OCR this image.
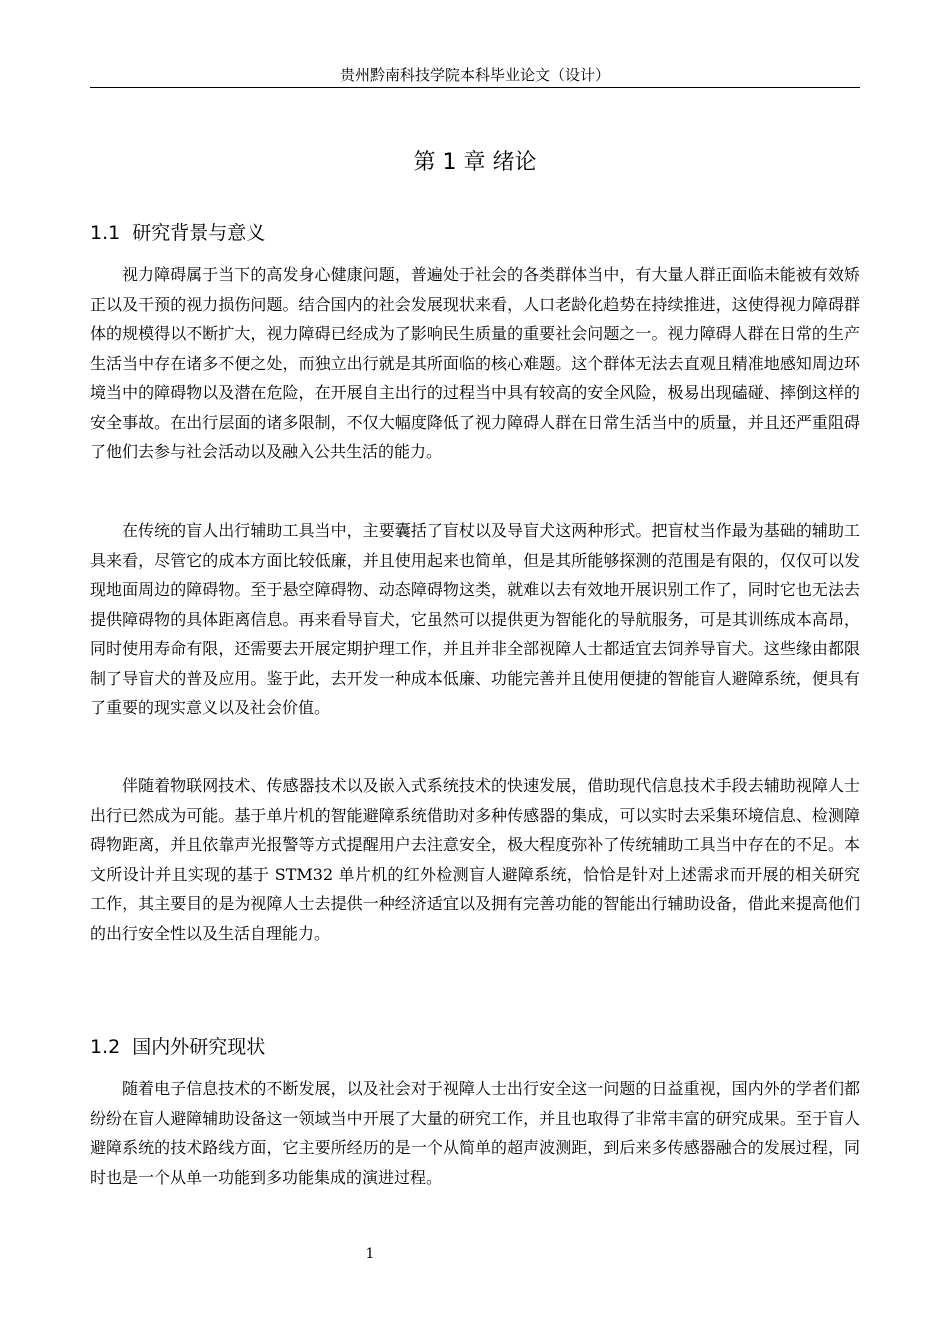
贵州黔南科技学院本科毕业论文（设计）
第 1 章 绪论
1.1 研究背景与意义

视力障碍属于当下的高发身心健康问题，普遍处于社会的各类群体当中，有大量人群正面临未能被有效矫正以及干预的视力损伤问题。结合国内的社会发展现状来看，人口老龄化趋势在持续推进，这使得视力障碍群体的规模得以不断扩大，视力障碍已经成为了影响民生质量的重要社会问题之一。视力障碍人群在日常的生产生活当中存在诸多不便之处，而独立出行就是其所面临的核心难题。这个群体无法去直观且精准地感知周边环境当中的障碍物以及潜在危险，在开展自主出行的过程当中具有较高的安全风险，极易出现磕碰、摔倒这样的安全事故。在出行层面的诸多限制，不仅大幅度降低了视力障碍人群在日常生活当中的质量，并且还严重阻碍了他们去参与社会活动以及融入公共生活的能力。

在传统的盲人出行辅助工具当中，主要囊括了盲杖以及导盲犬这两种形式。把盲杖当作最为基础的辅助工具来看，尽管它的成本方面比较低廉，并且使用起来也简单，但是其所能够探测的范围是有限的，仅仅可以发现地面周边的障碍物。至于悬空障碍物、动态障碍物这类，就难以去有效地开展识别工作了，同时它也无法去提供障碍物的具体距离信息。再来看导盲犬，它虽然可以提供更为智能化的导航服务，可是其训练成本高昂，同时使用寿命有限，还需要去开展定期护理工作，并且并非全部视障人士都适宜去饲养导盲犬。这些缘由都限制了导盲犬的普及应用。鉴于此，去开发一种成本低廉、功能完善并且使用便捷的智能盲人避障系统，便具有了重要的现实意义以及社会价值。

伴随着物联网技术、传感器技术以及嵌入式系统技术的快速发展，借助现代信息技术手段去辅助视障人士出行已然成为可能。基于单片机的智能避障系统借助对多种传感器的集成，可以实时去采集环境信息、检测障碍物距离，并且依靠声光报警等方式提醒用户去注意安全，极大程度弥补了传统辅助工具当中存在的不足。本文所设计并且实现的基于 STM32 单片机的红外检测盲人避障系统，恰恰是针对上述需求而开展的相关研究工作，其主要目的是为视障人士去提供一种经济适宜以及拥有完善功能的智能出行辅助设备，借此来提高他们的出行安全性以及生活自理能力。

1.2 国内外研究现状

随着电子信息技术的不断发展，以及社会对于视障人士出行安全这一问题的日益重视，国内外的学者们都纷纷在盲人避障辅助设备这一领域当中开展了大量的研究工作，并且也取得了非常丰富的研究成果。至于盲人避障系统的技术路线方面，它主要所经历的是一个从简单的超声波测距，到后来多传感器融合的发展过程，同时也是一个从单一功能到多功能集成的演进过程。

1
